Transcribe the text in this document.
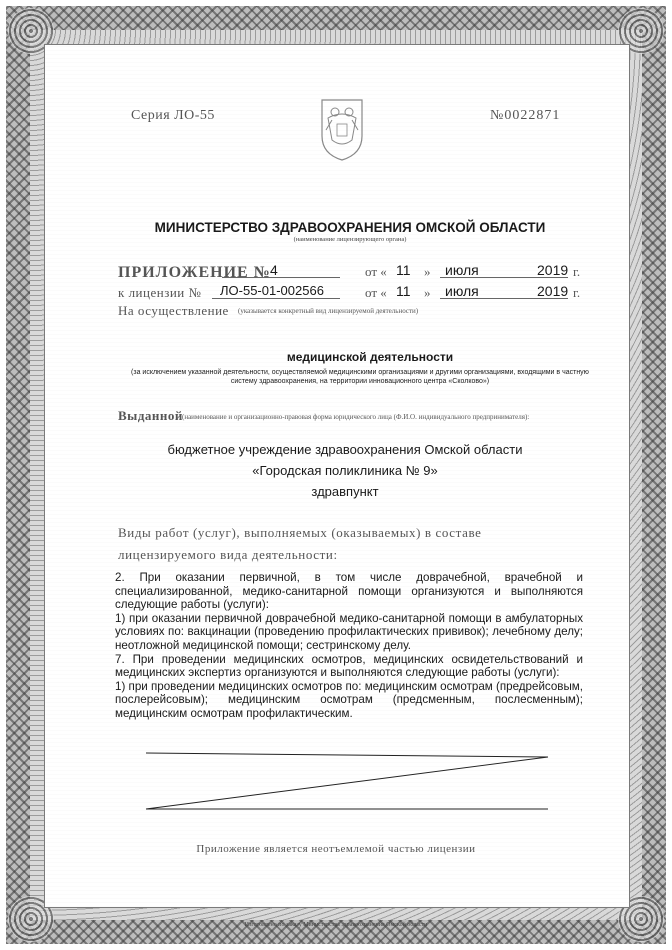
Серия ЛО-55	№0022871
МИНИСТЕРСТВО ЗДРАВООХРАНЕНИЯ ОМСКОЙ ОБЛАСТИ
(наименование лицензирующего органа)
ПРИЛОЖЕНИЕ № 4	от « 11 » июля	2019 г.
к лицензии № ЛО-55-01-002566	от « 11 » июля	2019 г.
На осуществление (указывается конкретный вид лицензируемой деятельности)
медицинской деятельности
(за исключением указанной деятельности, осуществляемой медицинскими организациями и другими организациями, входящими в частную систему здравоохранения, на территории инновационного центра «Сколково»)
Выданной (наименование и организационно-правовая форма юридического лица (Ф.И.О. индивидуального предпринимателя):
бюджетное учреждение здравоохранения Омской области
«Городская поликлиника № 9»
здравпункт
Виды работ (услуг), выполняемых (оказываемых) в составе
лицензируемого вида деятельности:

2. При оказании первичной, в том числе доврачебной, врачебной и специализированной, медико-санитарной помощи организуются и выполняются следующие работы (услуги):

1) при оказании первичной доврачебной медико-санитарной помощи в амбулаторных условиях по: вакцинации (проведению профилактических прививок); лечебному делу; неотложной медицинской помощи; сестринскому делу.

7. При проведении медицинских осмотров, медицинских освидетельствований и медицинских экспертиз организуются и выполняются следующие работы (услуги):

1) при проведении медицинских осмотров по: медицинским осмотрам (предрейсовым, послерейсовым); медицинским осмотрам (предсменным, послесменным); медицинским осмотрам профилактическим.

Приложение является неотъемлемой частью лицензии
Изготовлено по заказу Министерства здравоохранения Омской области
